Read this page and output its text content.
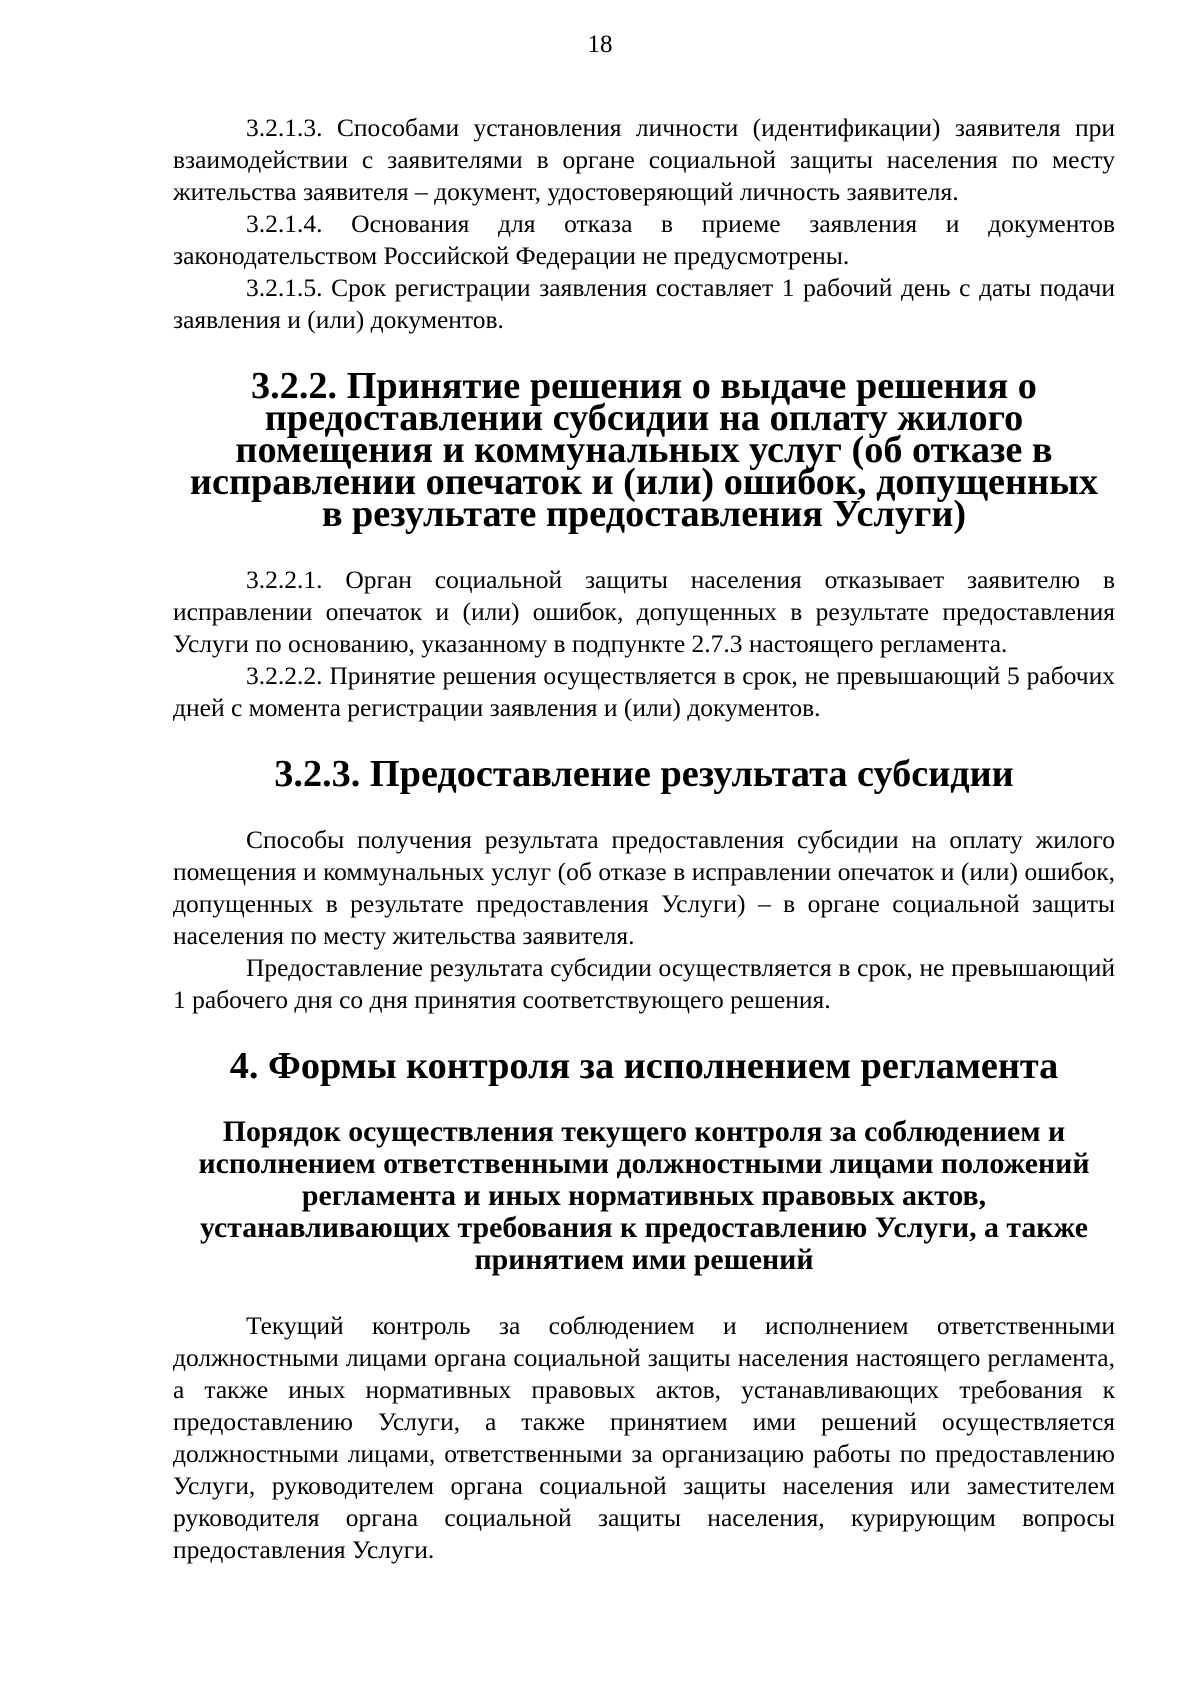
18

3.2.1.3. Способами установления личности (идентификации) заявителя при взаимодействии с заявителями в органе социальной защиты населения по месту жительства заявителя – документ, удостоверяющий личность заявителя.

3.2.1.4. Основания для отказа в приеме заявления и документов законодательством Российской Федерации не предусмотрены.

3.2.1.5. Срок регистрации заявления составляет 1 рабочий день с даты подачи заявления и (или) документов.

3.2.2. Принятие решения о выдаче решения о предоставлении субсидии на оплату жилого помещения и коммунальных услуг (об отказе в исправлении опечаток и (или) ошибок, допущенных в результате предоставления Услуги)

3.2.2.1. Орган социальной защиты населения отказывает заявителю в исправлении опечаток и (или) ошибок, допущенных в результате предоставления Услуги по основанию, указанному в подпункте 2.7.3 настоящего регламента.

3.2.2.2. Принятие решения осуществляется в срок, не превышающий 5 рабочих дней с момента регистрации заявления и (или) документов.

3.2.3. Предоставление результата субсидии

Способы получения результата предоставления субсидии на оплату жилого помещения и коммунальных услуг (об отказе в исправлении опечаток и (или) ошибок, допущенных в результате предоставления Услуги) – в органе социальной защиты населения по месту жительства заявителя.

Предоставление результата субсидии осуществляется в срок, не превышающий 1 рабочего дня со дня принятия соответствующего решения.

4. Формы контроля за исполнением регламента
Порядок осуществления текущего контроля за соблюдением и исполнением ответственными должностными лицами положений регламента и иных нормативных правовых актов, устанавливающих требования к предоставлению Услуги, а также принятием ими решений

Текущий контроль за соблюдением и исполнением ответственными должностными лицами органа социальной защиты населения настоящего регламента, а также иных нормативных правовых актов, устанавливающих требования к предоставлению Услуги, а также принятием ими решений осуществляется должностными лицами, ответственными за организацию работы по предоставлению Услуги, руководителем органа социальной защиты населения или заместителем руководителя органа социальной защиты населения, курирующим вопросы предоставления Услуги.
